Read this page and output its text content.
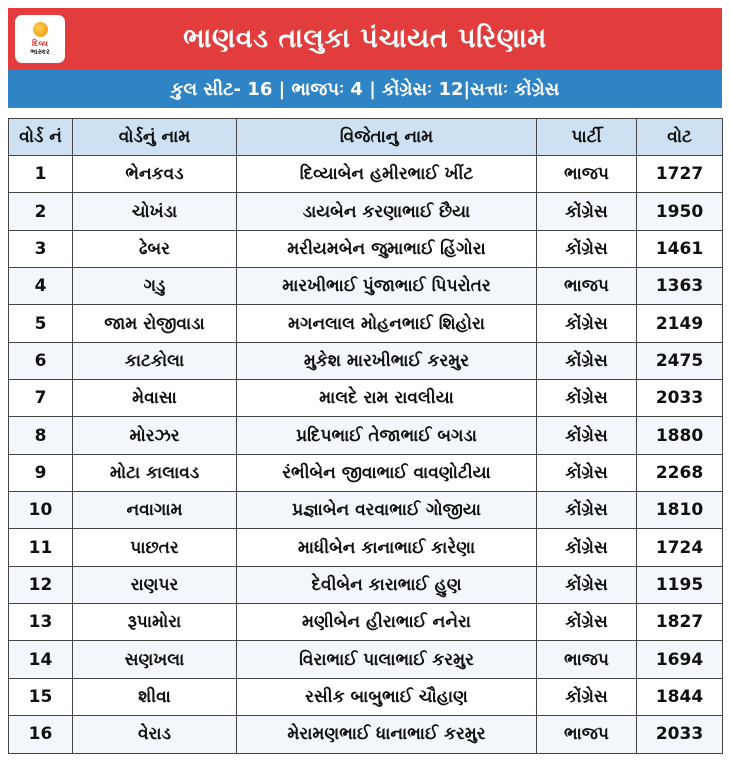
દિવ્ય
ભાસ્કર	ભાણવડ તાલુકા પંચાયત પરિણામ
કુલ સીટ- 16
|
ભાજપઃ 4
|
કોંગ્રેસઃ 12 | સત્તાઃ કોંગ્રેસ
વોર્ડ નં	વોર્ડનું નામ	વિજેતાનુ નામ	પાર્ટી	વોટ
1	ભેનકવડ	દિવ્યાબેન હમીરભાઈ ખીંટ	ભાજપ	1727
2	ચોખંડા	ડાયબેન કરણાભાઈ છૈયા	કોંગ્રેસ	1950
3	ઢેબર	મરીયમબેન જુમાભાઈ હિંગોરા	કોંગ્રેસ	1461
4	ગડુ	મારખીભાઈ પુંજાભાઈ પિપરોતર	ભાજપ	1363
5	જામ રોજીવાડા	મગનલાલ મોહનભાઈ શિહોરા	કોંગ્રેસ	2149
6	કાટકોલા	મુકેશ મારખીભાઈ કરમુર	કોંગ્રેસ	2475
7	મેવાસા	માલદે રામ રાવલીયા	કોંગ્રેસ	2033
8	મોરઝર	પ્રદિપભાઈ તેજાભાઈ બગડા	કોંગ્રેસ	1880
9	મોટા કાલાવડ	રંભીબેન જીવાભાઈ વાવણોટીયા	કોંગ્રેસ	2268
10	નવાગામ	પ્રજ્ઞાબેન વરવાભાઈ ગોજીયા	કોંગ્રેસ	1810
11	પાછતર	માધીબેન કાનાભાઈ કારેણા	કોંગ્રેસ	1724
12	રાણપર	દેવીબેન કારાભાઈ હુણ	કોંગ્રેસ	1195
13	રૂપામોરા	મણીબેન હીરાભાઈ નનેરા	કોંગ્રેસ	1827
14	સણખલા	વિરાભાઈ પાલાભાઈ કરમુર	ભાજપ	1694
15	શીવા	રસીક બાબુભાઈ ચૌહાણ	કોંગ્રેસ	1844
16	વેરાડ	મેરામણભાઈ ધાનાભાઈ કરમુર	ભાજપ	2033
